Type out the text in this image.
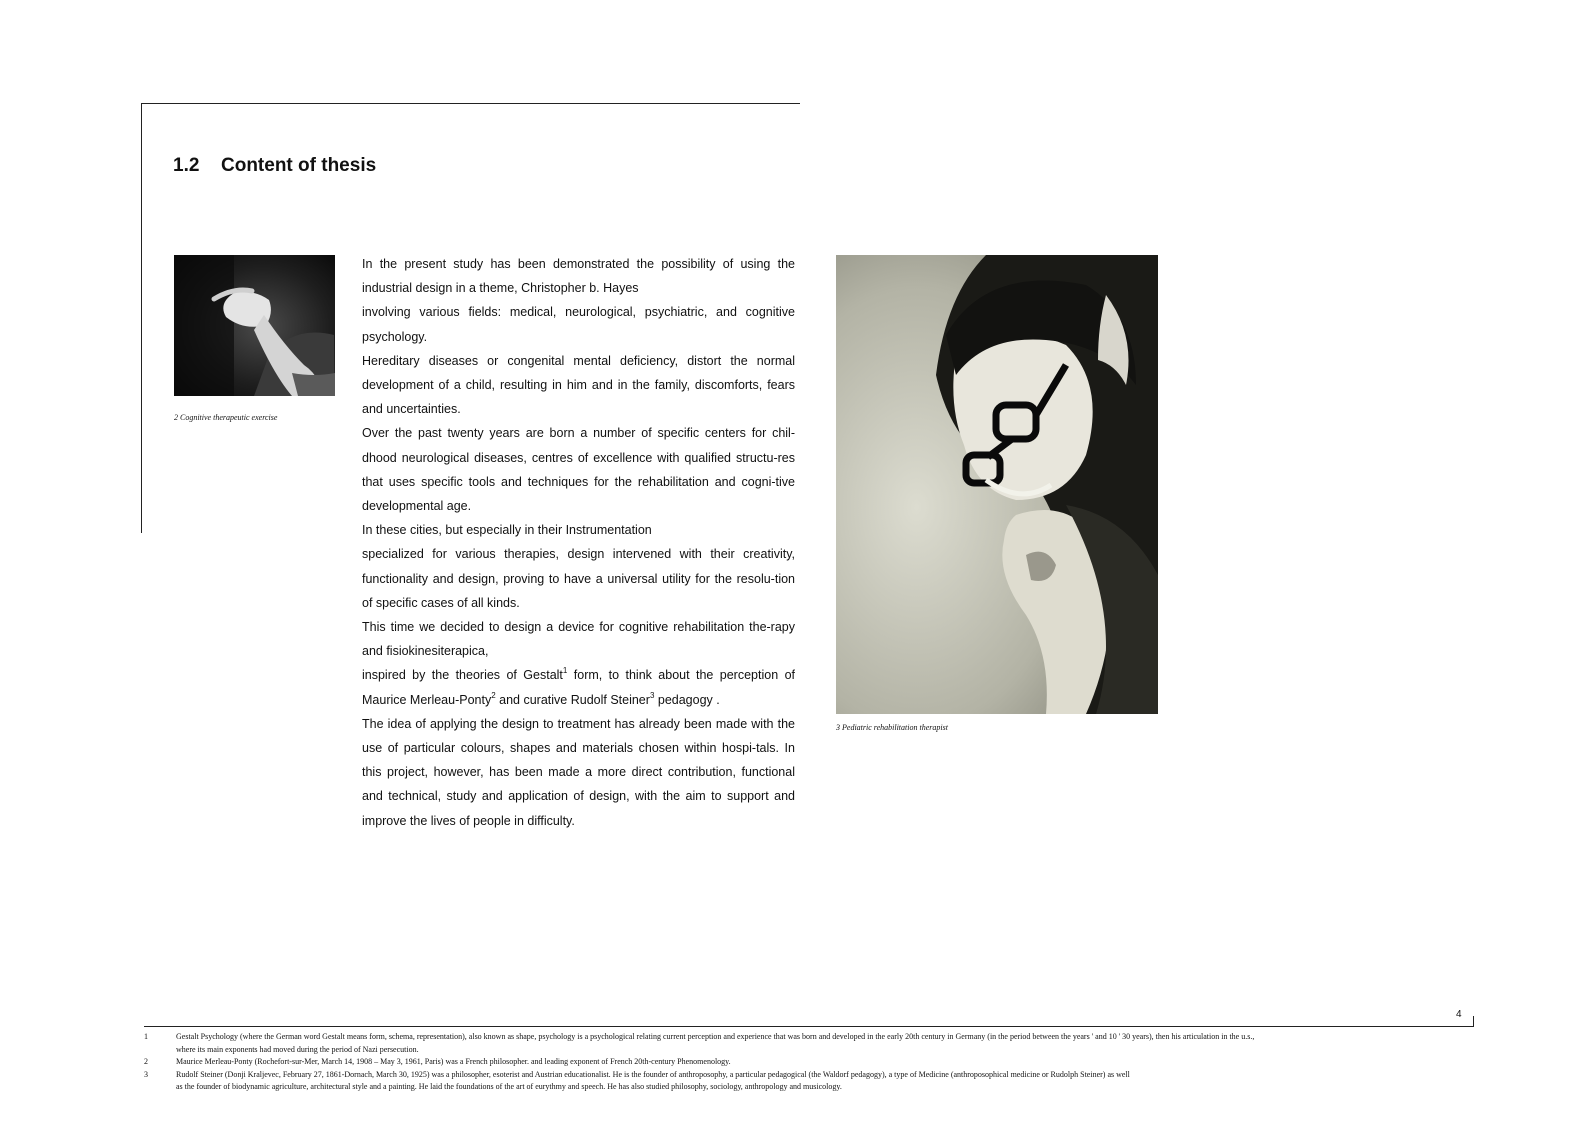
1.2 Content of thesis
2 Cognitive therapeutic exercise

In the present study has been demonstrated the possibility of using the industrial design in a theme, Christopher b. Hayes

involving various fields: medical, neurological, psychiatric, and cognitive psychology.

Hereditary diseases or congenital mental deficiency, distort the normal development of a child, resulting in him and in the family, discomforts, fears and uncertainties.

Over the past twenty years are born a number of specific centers for chil-dhood neurological diseases, centres of excellence with qualified structu-res that uses specific tools and techniques for the rehabilitation and cogni-tive developmental age.

In these cities, but especially in their Instrumentation

specialized for various therapies, design intervened with their creativity, functionality and design, proving to have a universal utility for the resolu-tion of specific cases of all kinds.

This time we decided to design a device for cognitive rehabilitation the-rapy and fisiokinesiterapica,

inspired by the theories of Gestalt$^1$ form, to think about the perception of Maurice Merleau-Ponty$^2$ and curative Rudolf Steiner$^3$ pedagogy .

The idea of applying the design to treatment has already been made with the use of particular colours, shapes and materials chosen within hospi-tals. In this project, however, has been made a more direct contribution, functional and technical, study and application of design, with the aim to support and improve the lives of people in difficulty.

3 Pediatric rehabilitation therapist
4
1	Gestalt Psychology (where the German word Gestalt means form, schema, representation), also known as shape, psychology is a psychological relating current perception and experience that was born and developed in the early 20th century in Germany (in the period between the years ' and 10 ' 30 years), then his articulation in the u.s.,
where its main exponents had moved during the period of Nazi persecution.
2	Maurice Merleau-Ponty (Rochefort-sur-Mer, March 14, 1908 – May 3, 1961, Paris) was a French philosopher. and leading exponent of French 20th-century Phenomenology.
3	Rudolf Steiner (Donji Kraljevec, February 27, 1861-Dornach, March 30, 1925) was a philosopher, esoterist and Austrian educationalist. He is the founder of anthroposophy, a particular pedagogical (the Waldorf pedagogy), a type of Medicine (anthroposophical medicine or Rudolph Steiner) as well
as the founder of biodynamic agriculture, architectural style and a painting. He laid the foundations of the art of eurythmy and speech. He has also studied philosophy, sociology, anthropology and musicology.
